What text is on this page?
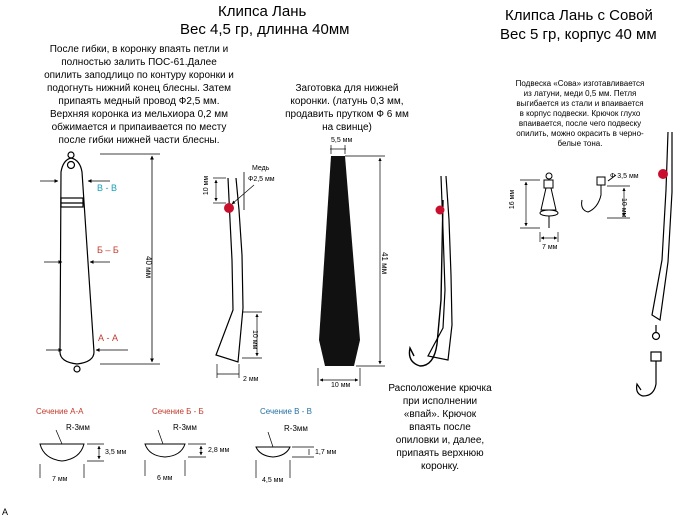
Клипса Лань
Вес 4,5 гр, длинна 40мм
Клипса Лань с Совой
Вес 5 гр, корпус 40 мм
После гибки, в коронку впаять петли и
полностью залить ПОС-61.Далее
опилить заподлицо по контуру коронки и
подогнуть нижний конец блесны. Затем
припаять медный провод Ф2,5 мм.
Верхняя коронка из мельхиора 0,2 мм
обжимается и припаивается по месту
после гибки нижней части блесны.
Заготовка для нижней
коронки. (латунь 0,3 мм,
продавить прутком Ф 6 мм
на свинце)
Подвеска «Сова» изготавливается
из латуни, меди 0,5 мм. Петля
выгибается из стали и впаивается
в корпус подвески. Крючок глухо
впаивается, после чего подвеску
опилить, можно окрасить в черно-
белые тона.
Расположение крючка
при исполнении
«впай». Крючок
впаять после
опиловки и, далее,
припаять верхнюю
коронку.
В - В
Б – Б
А - А
40 мм
Медь
Ф2,5 мм
10 мм
10 мм
2 мм
5,5 мм
41 мм
10 мм
16 мм
7 мм
Ф 3,5 мм
10 мм
Сечение А-А
R-3мм
3,5 мм
7 мм
Сечение Б - Б
R-3мм
2,8 мм
6 мм
Сечение В - В
R-3мм
1,7 мм
4,5 мм
A
